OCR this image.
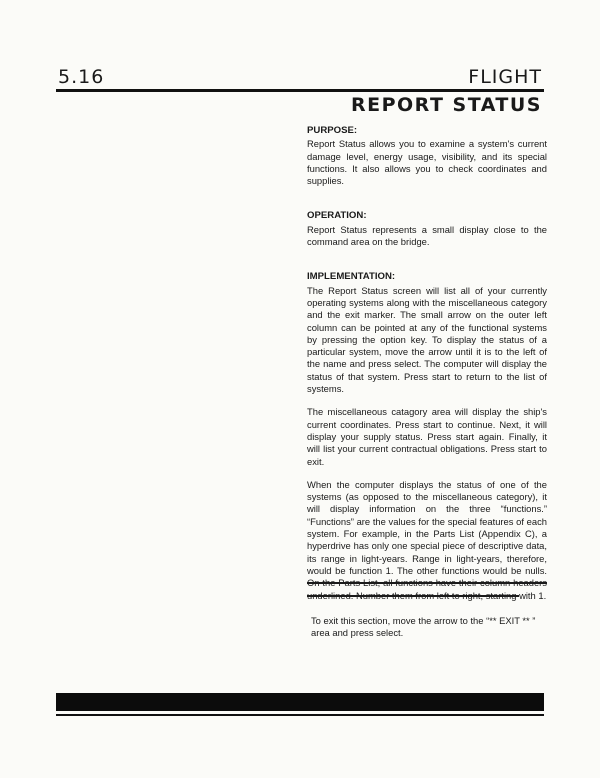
5.16	FLIGHT
REPORT STATUS
PURPOSE:

Report Status allows you to examine a system's current damage level, energy usage, visibility, and its special functions. It also allows you to check coordinates and supplies.

OPERATION:

Report Status represents a small display close to the command area on the bridge.

IMPLEMENTATION:

The Report Status screen will list all of your currently operating systems along with the miscellaneous category and the exit marker. The small arrow on the outer left column can be pointed at any of the functional systems by pressing the option key. To display the status of a particular system, move the arrow until it is to the left of the name and press select. The computer will display the status of that system. Press start to return to the list of systems.

The miscellaneous catagory area will display the ship's current coordinates. Press start to continue. Next, it will display your supply status. Press start again. Finally, it will list your current contractual obligations. Press start to exit.

When the computer displays the status of one of the systems (as opposed to the miscellaneous category), it will display information on the three “functions.” “Functions” are the values for the special features of each system. For example, in the Parts List (Appendix C), a hyperdrive has only one special piece of descriptive data, its range in light-years. Range in light-years, therefore, would be function 1. The other functions would be nulls. On the Parts List, all functions have their column headers underlined. Number them from left to right, starting with 1.

To exit this section, move the arrow to the “** EXIT ** ” area and press select.
